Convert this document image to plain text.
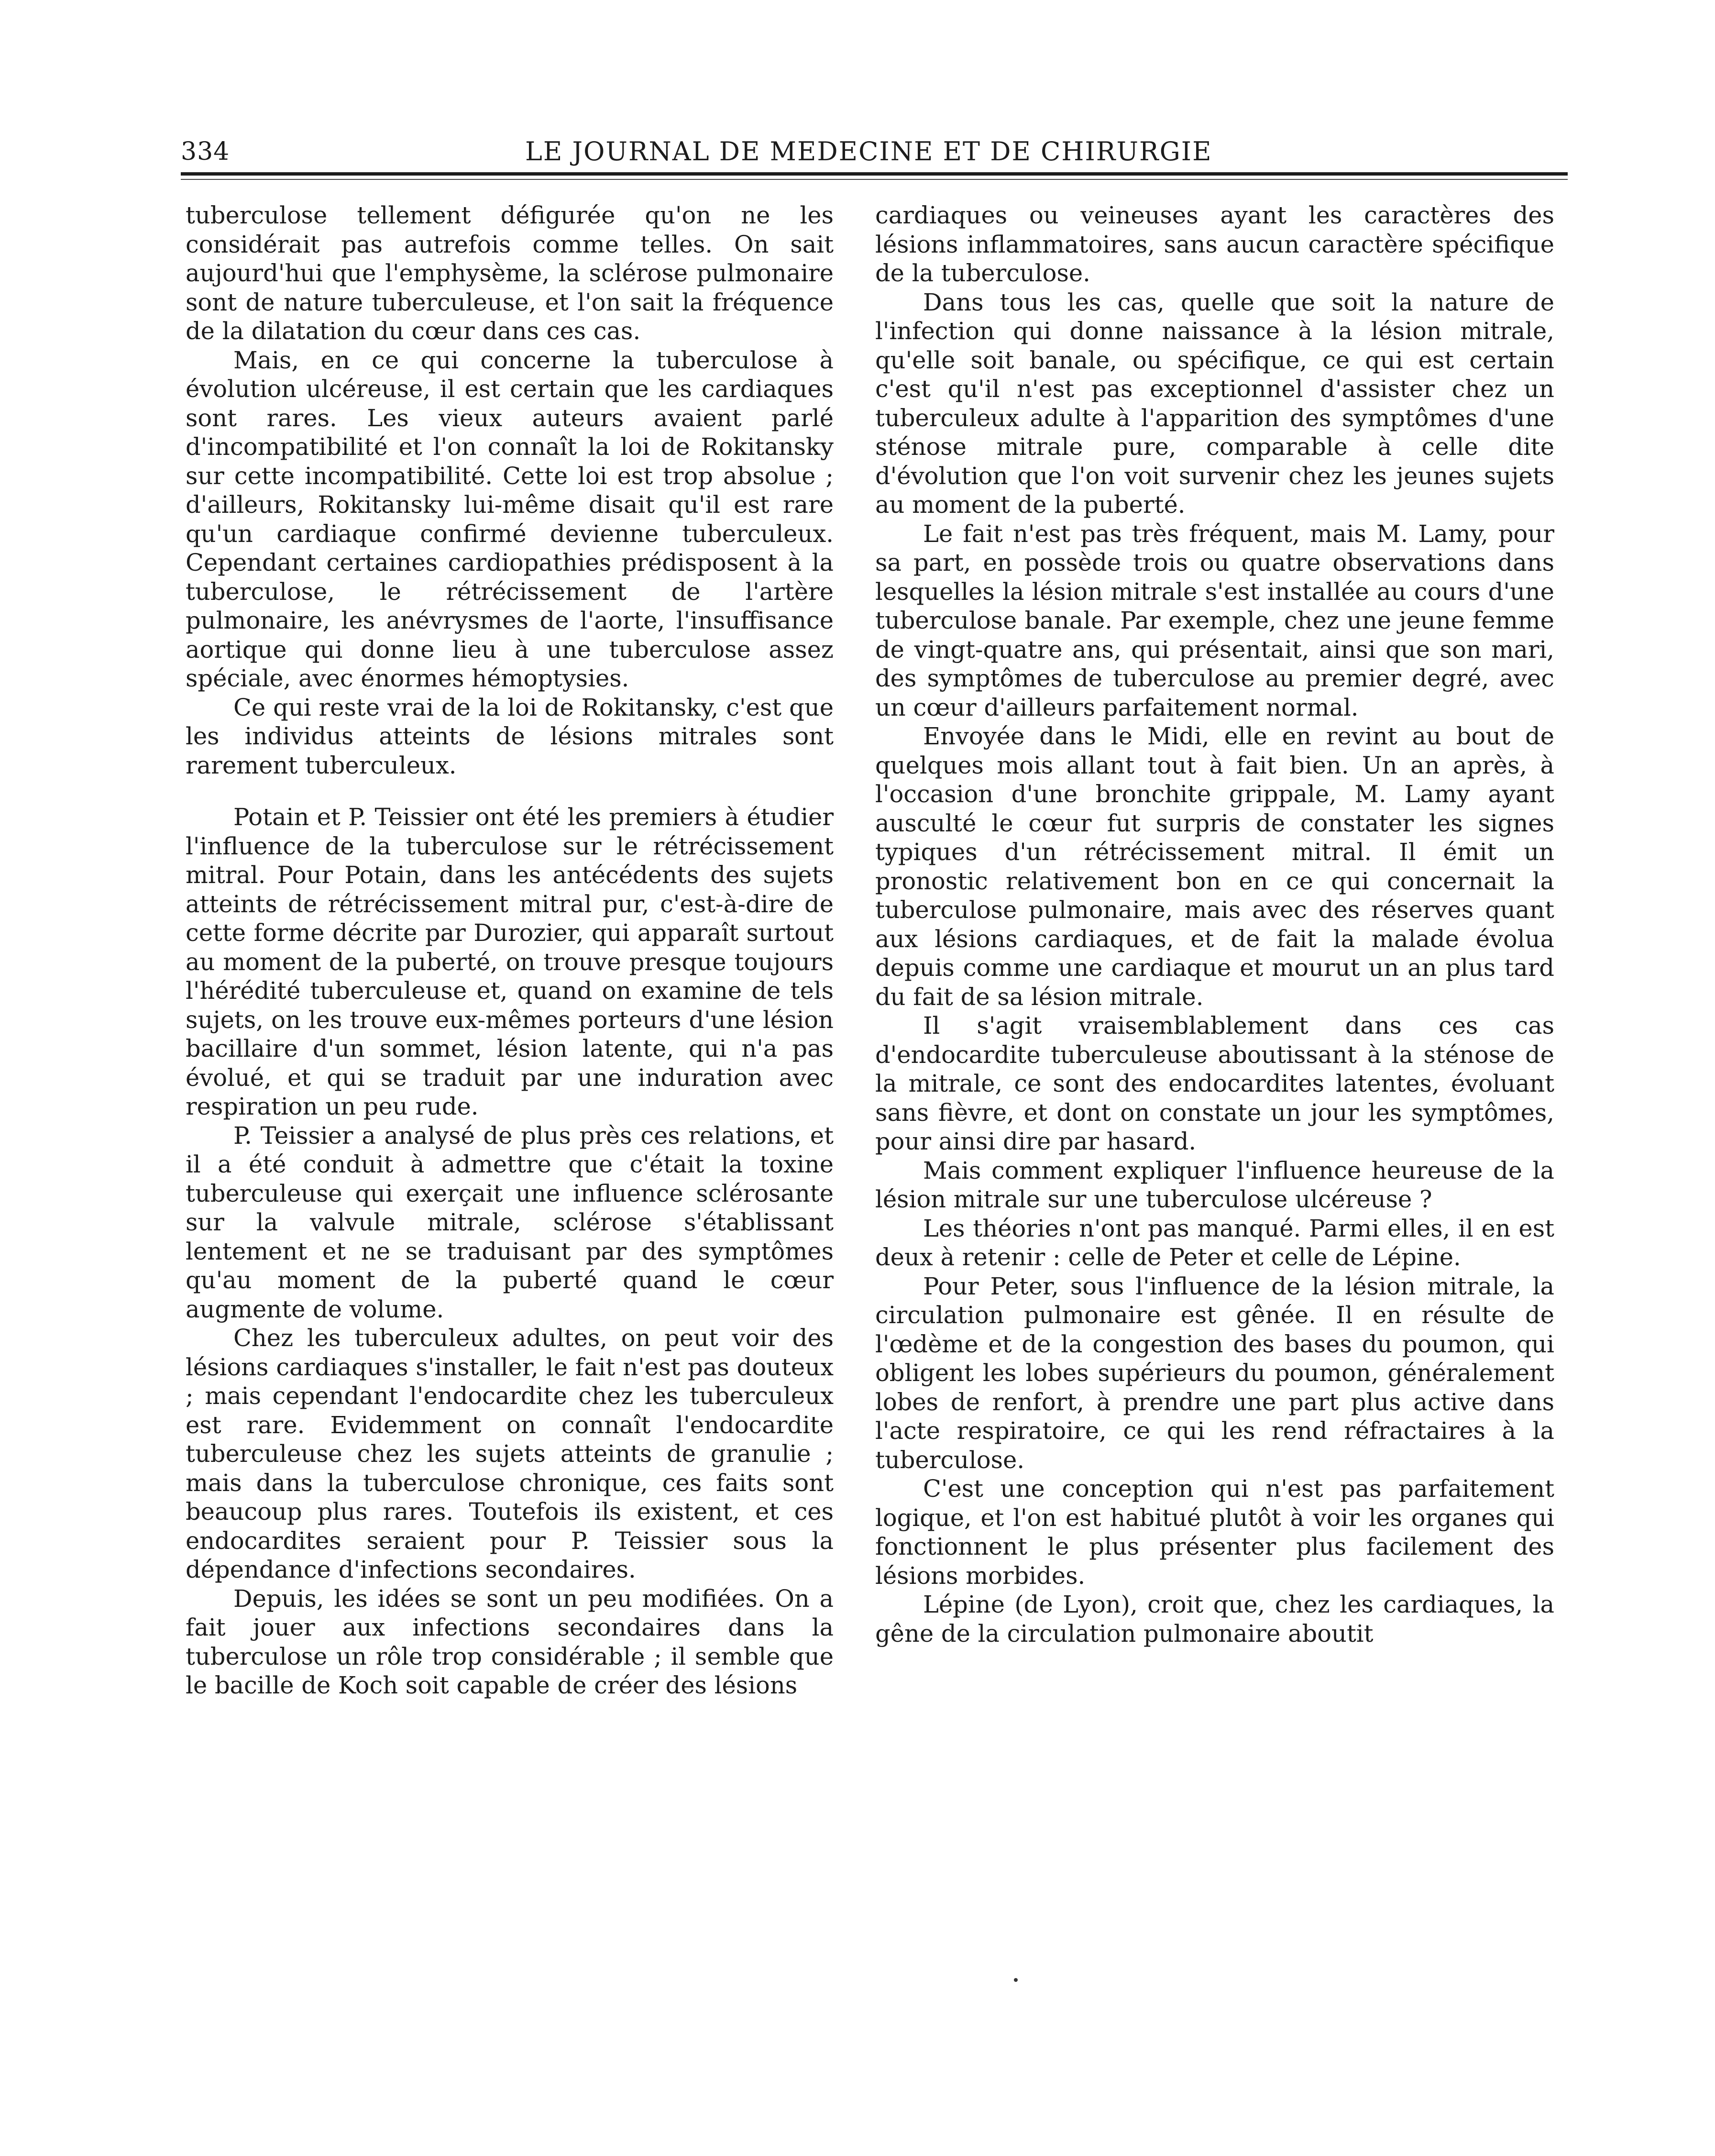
334	LE JOURNAL DE MEDECINE ET DE CHIRURGIE

tuberculose tellement défigurée qu'on ne les considérait pas autrefois comme telles. On sait aujourd'hui que l'emphysème, la sclérose pulmonaire sont de nature tuberculeuse, et l'on sait la fréquence de la dilatation du cœur dans ces cas.

Mais, en ce qui concerne la tuberculose à évolution ulcéreuse, il est certain que les cardiaques sont rares. Les vieux auteurs avaient parlé d'incompatibilité et l'on connaît la loi de Rokitansky sur cette incompatibilité. Cette loi est trop absolue ; d'ailleurs, Rokitansky lui-même disait qu'il est rare qu'un cardiaque confirmé devienne tuberculeux. Cependant certaines cardiopathies prédisposent à la tuberculose, le rétrécissement de l'artère pulmonaire, les anévrysmes de l'aorte, l'insuffisance aortique qui donne lieu à une tuberculose assez spéciale, avec énormes hémoptysies.

Ce qui reste vrai de la loi de Rokitansky, c'est que les individus atteints de lésions mitrales sont rarement tuberculeux.

Potain et P. Teissier ont été les premiers à étudier l'influence de la tuberculose sur le rétrécissement mitral. Pour Potain, dans les antécédents des sujets atteints de rétrécissement mitral pur, c'est-à-dire de cette forme décrite par Durozier, qui apparaît surtout au moment de la puberté, on trouve presque toujours l'hérédité tuberculeuse et, quand on examine de tels sujets, on les trouve eux-mêmes porteurs d'une lésion bacillaire d'un sommet, lésion latente, qui n'a pas évolué, et qui se traduit par une induration avec respiration un peu rude.

P. Teissier a analysé de plus près ces relations, et il a été conduit à admettre que c'était la toxine tuberculeuse qui exerçait une influence sclérosante sur la valvule mitrale, sclérose s'établissant lentement et ne se traduisant par des symptômes qu'au moment de la puberté quand le cœur augmente de volume.

Chez les tuberculeux adultes, on peut voir des lésions cardiaques s'installer, le fait n'est pas douteux ; mais cependant l'endocardite chez les tuberculeux est rare. Evidemment on connaît l'endocardite tuberculeuse chez les sujets atteints de granulie ; mais dans la tuberculose chronique, ces faits sont beaucoup plus rares. Toutefois ils existent, et ces endocardites seraient pour P. Teissier sous la dépendance d'infections secondaires.

Depuis, les idées se sont un peu modifiées. On a fait jouer aux infections secondaires dans la tuberculose un rôle trop considérable ; il semble que le bacille de Koch soit capable de créer des lésions

cardiaques ou veineuses ayant les caractères des lésions inflammatoires, sans aucun caractère spécifique de la tuberculose.

Dans tous les cas, quelle que soit la nature de l'infection qui donne naissance à la lésion mitrale, qu'elle soit banale, ou spécifique, ce qui est certain c'est qu'il n'est pas exceptionnel d'assister chez un tuberculeux adulte à l'apparition des symptômes d'une sténose mitrale pure, comparable à celle dite d'évolution que l'on voit survenir chez les jeunes sujets au moment de la puberté.

Le fait n'est pas très fréquent, mais M. Lamy, pour sa part, en possède trois ou quatre observations dans lesquelles la lésion mitrale s'est installée au cours d'une tuberculose banale. Par exemple, chez une jeune femme de vingt-quatre ans, qui présentait, ainsi que son mari, des symptômes de tuberculose au premier degré, avec un cœur d'ailleurs parfaitement normal.

Envoyée dans le Midi, elle en revint au bout de quelques mois allant tout à fait bien. Un an après, à l'occasion d'une bronchite grippale, M. Lamy ayant ausculté le cœur fut surpris de constater les signes typiques d'un rétrécissement mitral. Il émit un pronostic relativement bon en ce qui concernait la tuberculose pulmonaire, mais avec des réserves quant aux lésions cardiaques, et de fait la malade évolua depuis comme une cardiaque et mourut un an plus tard du fait de sa lésion mitrale.

Il s'agit vraisemblablement dans ces cas d'endocardite tuberculeuse aboutissant à la sténose de la mitrale, ce sont des endocardites latentes, évoluant sans fièvre, et dont on constate un jour les symptômes, pour ainsi dire par hasard.

Mais comment expliquer l'influence heureuse de la lésion mitrale sur une tuberculose ulcéreuse ?

Les théories n'ont pas manqué. Parmi elles, il en est deux à retenir : celle de Peter et celle de Lépine.

Pour Peter, sous l'influence de la lésion mitrale, la circulation pulmonaire est gênée. Il en résulte de l'œdème et de la congestion des bases du poumon, qui obligent les lobes supérieurs du poumon, généralement lobes de renfort, à prendre une part plus active dans l'acte respiratoire, ce qui les rend réfractaires à la tuberculose.

C'est une conception qui n'est pas parfaitement logique, et l'on est habitué plutôt à voir les organes qui fonctionnent le plus présenter plus facilement des lésions morbides.

Lépine (de Lyon), croit que, chez les cardiaques, la gêne de la circulation pulmonaire aboutit
